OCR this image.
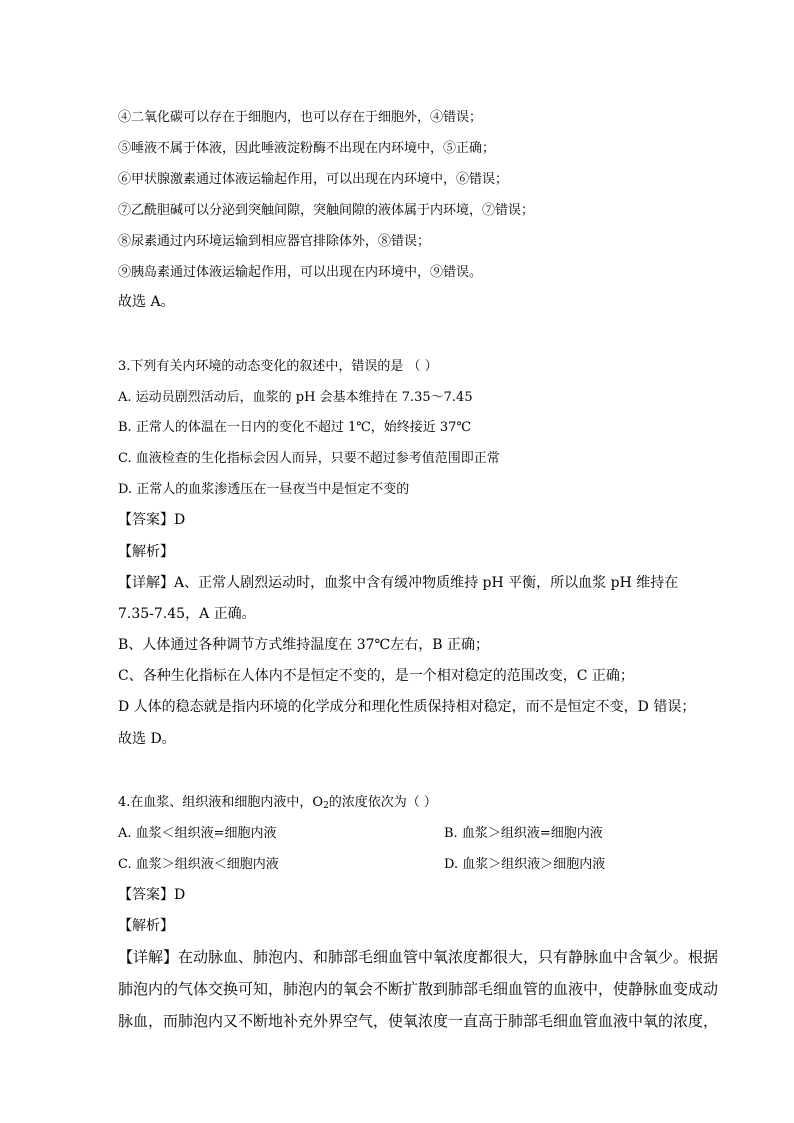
④二氧化碳可以存在于细胞内，也可以存在于细胞外，④错误；
⑤唾液不属于体液，因此唾液淀粉酶不出现在内环境中，⑤正确；
⑥甲状腺激素通过体液运输起作用，可以出现在内环境中，⑥错误；
⑦乙酰胆碱可以分泌到突触间隙，突触间隙的液体属于内环境，⑦错误；
⑧尿素通过内环境运输到相应器官排除体外，⑧错误；
⑨胰岛素通过体液运输起作用，可以出现在内环境中，⑨错误。
故选 A。
3.下列有关内环境的动态变化的叙述中，错误的是 （ ）
A. 运动员剧烈活动后，血浆的 pH 会基本维持在 7.35～7.45
B. 正常人的体温在一日内的变化不超过 1℃，始终接近 37℃
C. 血液检查的生化指标会因人而异，只要不超过参考值范围即正常
D. 正常人的血浆渗透压在一昼夜当中是恒定不变的
【答案】D
【解析】
【详解】A、正常人剧烈运动时，血浆中含有缓冲物质维持 pH 平衡，所以血浆 pH 维持在
7.35-7.45，A 正确。
B、人体通过各种调节方式维持温度在 37℃左右，B 正确；
C、各种生化指标在人体内不是恒定不变的，是一个相对稳定的范围改变，C 正确；
D 人体的稳态就是指内环境的化学成分和理化性质保持相对稳定，而不是恒定不变，D 错误；
故选 D。
4.在血浆、组织液和细胞内液中，$O_2$的浓度依次为（ ）
A. 血浆＜组织液=细胞内液	B. 血浆＞组织液=细胞内液
C. 血浆＞组织液＜细胞内液	D. 血浆＞组织液＞细胞内液
【答案】D
【解析】
【详解】在动脉血、肺泡内、和肺部毛细血管中氧浓度都很大，只有静脉血中含氧少。根据
肺泡内的气体交换可知，肺泡内的氧会不断扩散到肺部毛细血管的血液中，使静脉血变成动
脉血，而肺泡内又不断地补充外界空气，使氧浓度一直高于肺部毛细血管血液中氧的浓度，
